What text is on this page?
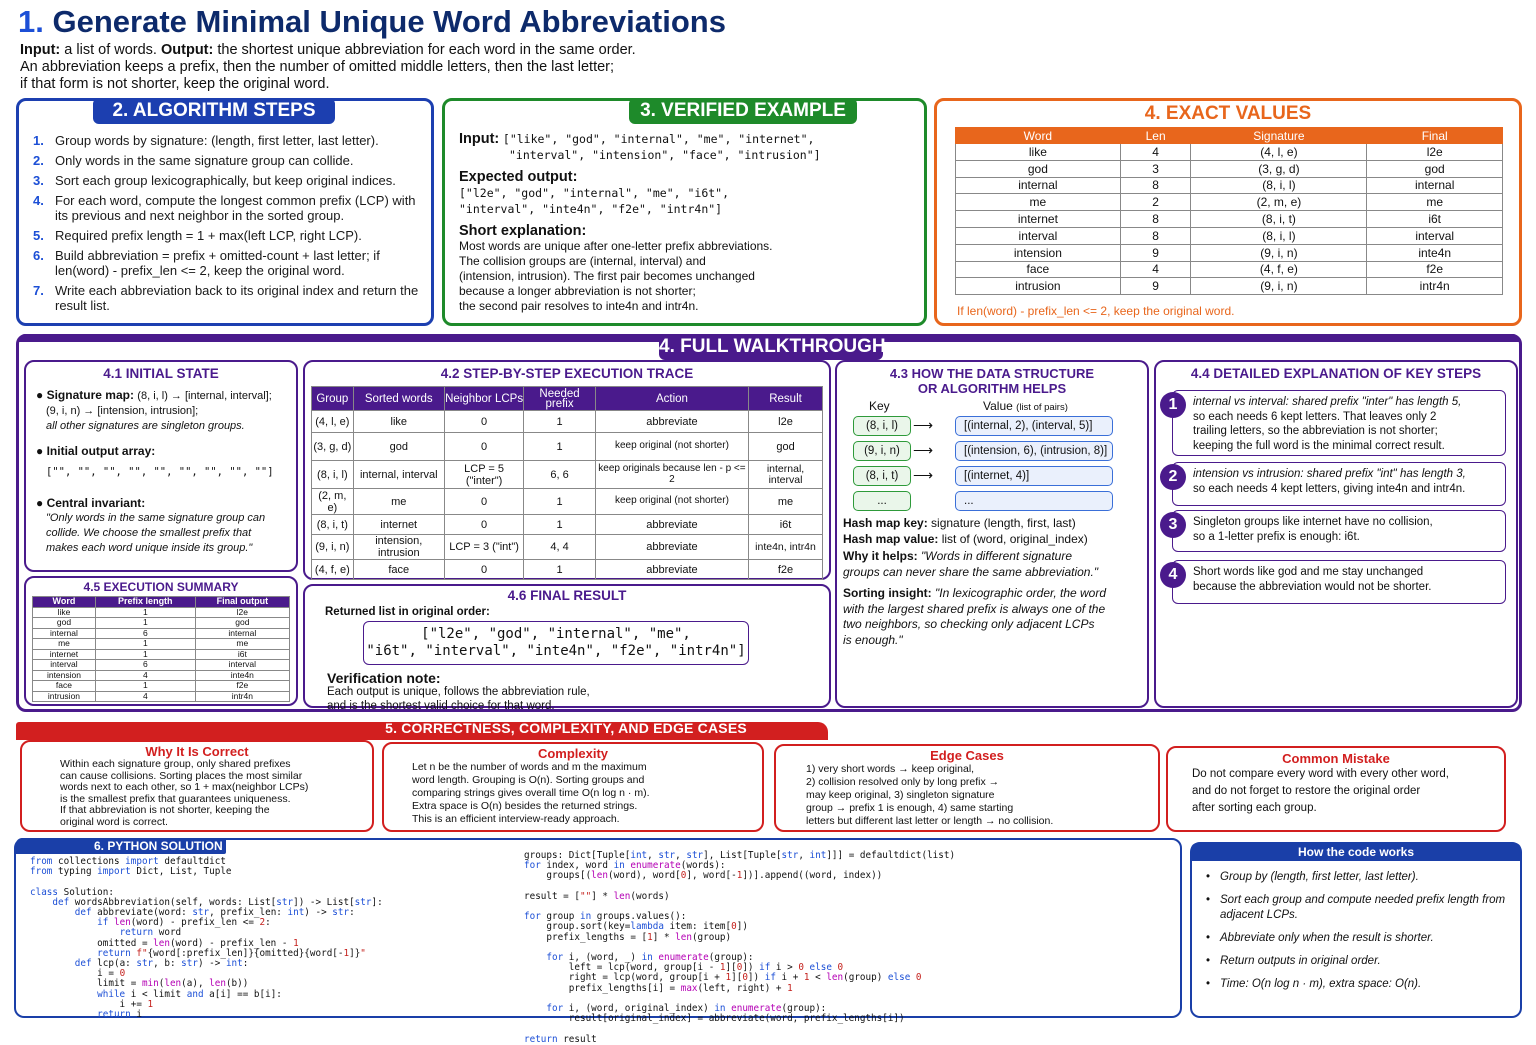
1. Generate Minimal Unique Word Abbreviations
Input: a list of words. Output: the shortest unique abbreviation for each word in the same order.
An abbreviation keeps a prefix, then the number of omitted middle letters, then the last letter;
if that form is not shorter, keep the original word.
2. ALGORITHM STEPS
1. Group words by signature: (length, first letter, last letter).
2. Only words in the same signature group can collide.
3. Sort each group lexicographically, but keep original indices.
4. For each word, compute the longest common prefix (LCP) with its previous and next neighbor in the sorted group.
5. Required prefix length = 1 + max(left LCP, right LCP).
6. Build abbreviation = prefix + omitted-count + last letter; if len(word) - prefix_len <= 2, keep the original word.
7. Write each abbreviation back to its original index and return the result list.
3. VERIFIED EXAMPLE
Input: ["like", "god", "internal", "me", "internet",
"interval", "intension", "face", "intrusion"]
Expected output:
["l2e", "god", "internal", "me", "i6t",
"interval", "inte4n", "f2e", "intr4n"]
Short explanation:
Most words are unique after one-letter prefix abbreviations.
The collision groups are (internal, interval) and
(intension, intrusion). The first pair becomes unchanged
because a longer abbreviation is not shorter;
the second pair resolves to inte4n and intr4n.
4. EXACT VALUES
Word	Len	Signature	Final
like	4	(4, l, e)	l2e
god	3	(3, g, d)	god
internal	8	(8, i, l)	internal
me	2	(2, m, e)	me
internet	8	(8, i, t)	i6t
interval	8	(8, i, l)	interval
intension	9	(9, i, n)	inte4n
face	4	(4, f, e)	f2e
intrusion	9	(9, i, n)	intr4n
If len(word) - prefix_len <= 2, keep the original word.
4. FULL WALKTHROUGH
4.1 INITIAL STATE
● Signature map: (8, i, l) → [internal, interval];
(9, i, n) → [intension, intrusion];
all other signatures are singleton groups.
● Initial output array:
["", "", "", "", "", "", "", "", ""]
● Central invariant:
"Only words in the same signature group can
collide. We choose the smallest prefix that
makes each word unique inside its group."
4.5 EXECUTION SUMMARY
Word	Prefix length	Final output
like	1	l2e
god	1	god
internal	6	internal
me	1	me
internet	1	i6t
interval	6	interval
intension	4	inte4n
face	1	f2e
intrusion	4	intr4n
4.2 STEP-BY-STEP EXECUTION TRACE
Group	Sorted words	Neighbor LCPs	Needed prefix	Action	Result
(4, l, e)	like	0	1	abbreviate	l2e
(3, g, d)	god	0	1	keep original (not shorter)	god
(8, i, l)	internal, interval	LCP = 5 ("inter")	6, 6	keep originals because len - p <= 2	internal, interval
(2, m, e)	me	0	1	keep original (not shorter)	me
(8, i, t)	internet	0	1	abbreviate	i6t
(9, i, n)	intension, intrusion	LCP = 3 ("int")	4, 4	abbreviate	inte4n, intr4n
(4, f, e)	face	0	1	abbreviate	f2e
4.6 FINAL RESULT
Returned list in original order:
["l2e", "god", "internal", "me",
"i6t", "interval", "inte4n", "f2e", "intr4n"]
Verification note:
Each output is unique, follows the abbreviation rule,
and is the shortest valid choice for that word.
4.3 HOW THE DATA STRUCTURE
OR ALGORITHM HELPS
Key	Value (list of pairs)
(8, i, l) ⟶	[(internal, 2), (interval, 5)]
(9, i, n) ⟶	[(intension, 6), (intrusion, 8)]
(8, i, t) ⟶	[(internet, 4)]
...	...
Hash map key: signature (length, first, last)
Hash map value: list of (word, original_index)
Why it helps: "Words in different signature
groups can never share the same abbreviation."
Sorting insight: "In lexicographic order, the word
with the largest shared prefix is always one of the
two neighbors, so checking only adjacent LCPs
is enough."
4.4 DETAILED EXPLANATION OF KEY STEPS
internal vs interval: shared prefix "inter" has length 5,
so each needs 6 kept letters. That leaves only 2
trailing letters, so the abbreviation is not shorter;
keeping the full word is the minimal correct result.
1
intension vs intrusion: shared prefix "int" has length 3,
so each needs 4 kept letters, giving inte4n and intr4n.
2
Singleton groups like internet have no collision,
so a 1-letter prefix is enough: i6t.
3
Short words like god and me stay unchanged
because the abbreviation would not be shorter.
4
5. CORRECTNESS, COMPLEXITY, AND EDGE CASES
Why It Is Correct
Within each signature group, only shared prefixes
can cause collisions. Sorting places the most similar
words next to each other, so 1 + max(neighbor LCPs)
is the smallest prefix that guarantees uniqueness.
If that abbreviation is not shorter, keeping the
original word is correct.
Complexity
Let n be the number of words and m the maximum
word length. Grouping is O(n). Sorting groups and
comparing strings gives overall time O(n log n · m).
Extra space is O(n) besides the returned strings.
This is an efficient interview-ready approach.
Edge Cases
1) very short words → keep original,
2) collision resolved only by long prefix →
may keep original, 3) singleton signature
group → prefix 1 is enough, 4) same starting
letters but different last letter or length → no collision.
Common Mistake
Do not compare every word with every other word,
and do not forget to restore the original order
after sorting each group.
6. PYTHON SOLUTION
from collections import defaultdict
from typing import Dict, List, Tuple

class Solution:
def wordsAbbreviation(self, words: List[str]) -> List[str]:
def abbreviate(word: str, prefix_len: int) -> str:
if len(word) - prefix_len <= 2:
return word
omitted = len(word) - prefix_len - 1
return f"{word[:prefix_len]}{omitted}{word[-1]}"
def lcp(a: str, b: str) -> int:
i = 0
limit = min(len(a), len(b))
while i < limit and a[i] == b[i]:
i += 1
return i
groups: Dict[Tuple[int, str, str], List[Tuple[str, int]]] = defaultdict(list)
for index, word in enumerate(words):
groups[(len(word), word[0], word[-1])].append((word, index))

result = [""] * len(words)

for group in groups.values():
group.sort(key=lambda item: item[0])
prefix_lengths = [1] * len(group)

for i, (word, _) in enumerate(group):
left = lcp(word, group[i - 1][0]) if i > 0 else 0
right = lcp(word, group[i + 1][0]) if i + 1 < len(group) else 0
prefix_lengths[i] = max(left, right) + 1

for i, (word, original_index) in enumerate(group):
result[original_index] = abbreviate(word, prefix_lengths[i])

return result
How the code works
• Group by (length, first letter, last letter).
• Sort each group and compute needed prefix length from adjacent LCPs.
• Abbreviate only when the result is shorter.
• Return outputs in original order.
• Time: O(n log n · m), extra space: O(n).
